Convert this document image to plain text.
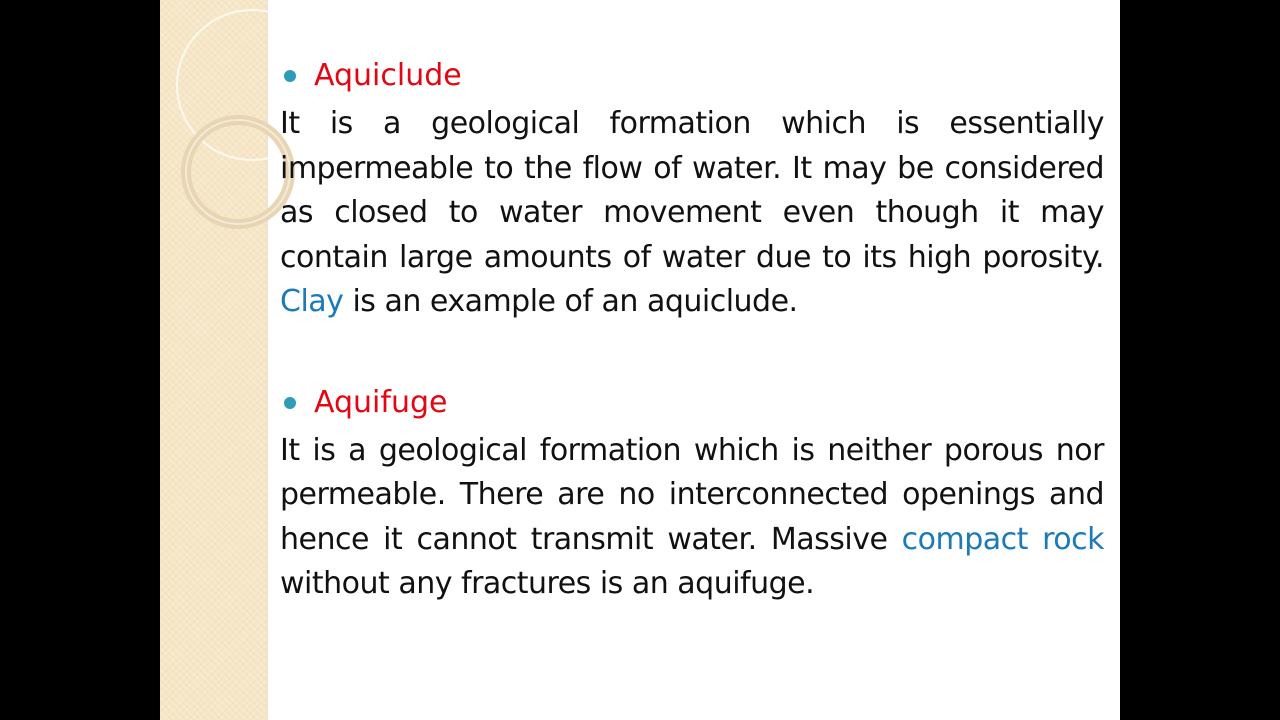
Aquiclude

It is a geological formation which is essentially impermeable to the flow of water. It may be considered as closed to water movement even though it may contain large amounts of water due to its high porosity. Clay is an example of an aquiclude.

Aquifuge

It is a geological formation which is neither porous nor permeable. There are no interconnected openings and hence it cannot transmit water. Massive compact rock without any fractures is an aquifuge.
